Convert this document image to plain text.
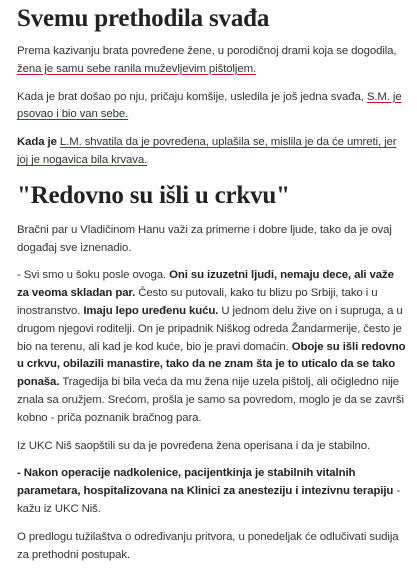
Svemu prethodila svađa

Prema kazivanju brata povređene žene, u porodičnoj drami koja se dogodila, žena je samu sebe ranila muževljevim pištoljem.

Kada je brat došao po nju, pričaju komšije, usledila je još jedna svađa, S.M. je psovao i bio van sebe.

Kada je L.M. shvatila da je povređena, uplašila se, mislila je da će umreti, jer joj je nogavica bila krvava.

"Redovno su išli u crkvu"

Bračni par u Vladičinom Hanu važi za primerne i dobre ljude, tako da je ovaj događaj sve iznenadio.

- Svi smo u šoku posle ovoga. Oni su izuzetni ljudi, nemaju dece, ali važe za veoma skladan par. Često su putovali, kako tu blizu po Srbiji, tako i u inostranstvo. Imaju lepo uređenu kuću. U jednom delu žive on i supruga, a u drugom njegovi roditelji. On je pripadnik Niškog odreda Žandarmerije, često je bio na terenu, ali kad je kod kuće, bio je pravi domaćin. Oboje su išli redovno u crkvu, obilazili manastire, tako da ne znam šta je to uticalo da se tako ponaša. Tragedija bi bila veća da mu žena nije uzela pištolj, ali očigledno nije znala sa oružjem. Srećom, prošla je samo sa povredom, moglo je da se završi kobno - priča poznanik bračnog para.

Iz UKC Niš saopštili su da je povređena žena operisana i da je stabilno.

- Nakon operacije nadkolenice, pacijentkinja je stabilnih vitalnih parametara, hospitalizovana na Klinici za anesteziju i intezivnu terapiju - kažu iz UKC Niš.

O predlogu tužilaštva o određivanju pritvora, u ponedeljak će odlučivati sudija za prethodni postupak.
